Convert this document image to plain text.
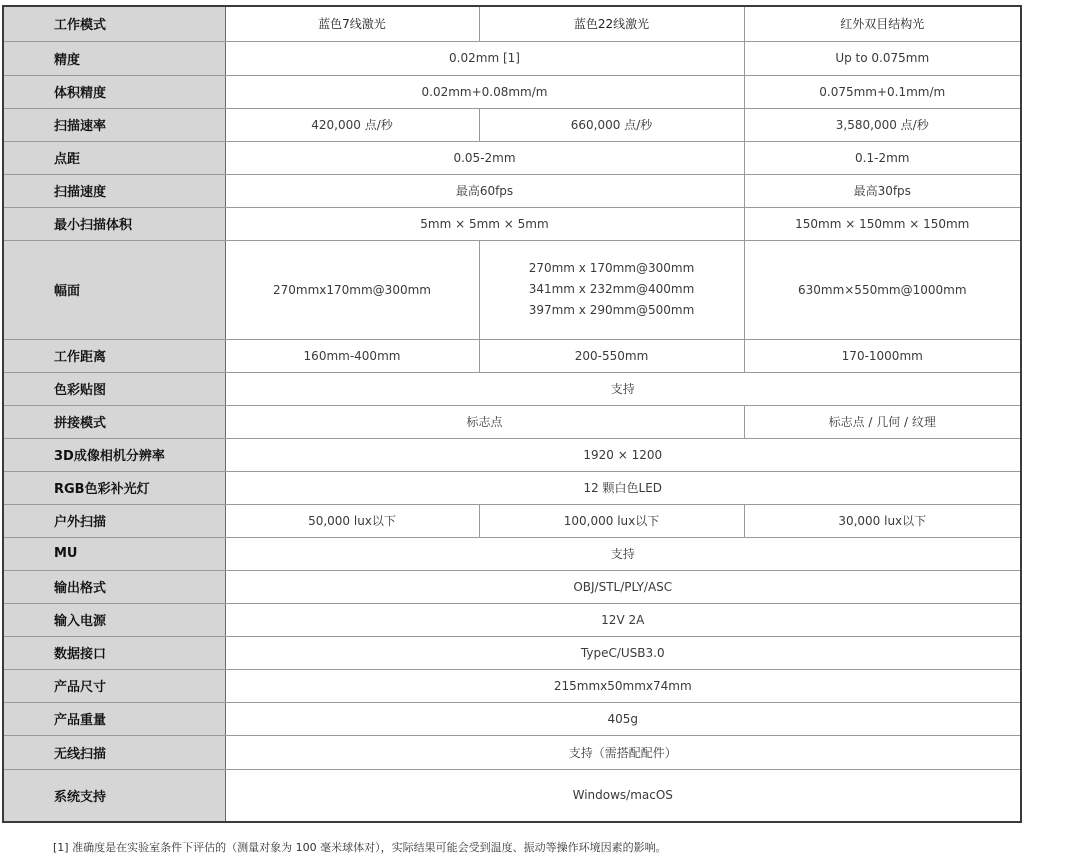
工作模式	蓝色7线激光	蓝色22线激光	红外双目结构光
精度	0.02mm [1]		Up to 0.075mm
体积精度	0.02mm+0.08mm/m		0.075mm+0.1mm/m
扫描速率	420,000 点/秒	660,000 点/秒	3,580,000 点/秒
点距	0.05-2mm		0.1-2mm
扫描速度	最高60fps		最高30fps
最小扫描体积	5mm × 5mm × 5mm		150mm × 150mm × 150mm
幅面	270mmx170mm@300mm	270mm x 170mm@300mm
341mm x 232mm@400mm
397mm x 290mm@500mm	630mm×550mm@1000mm
工作距离	160mm-400mm	200-550mm	170-1000mm
色彩贴图	支持		
拼接模式	标志点		标志点 / 几何 / 纹理
3D成像相机分辨率	1920 × 1200		
RGB色彩补光灯	12 颗白色LED		
户外扫描	50,000 lux以下	100,000 lux以下	30,000 lux以下
MU	支持		
输出格式	OBJ/STL/PLY/ASC		
输入电源	12V 2A		
数据接口	TypeC/USB3.0		
产品尺寸	215mmx50mmx74mm		
产品重量	405g		
无线扫描	支持（需搭配配件）		
系统支持	Windows/macOS		
[1] 准确度是在实验室条件下评估的（测量对象为 100 毫米球体对），实际结果可能会受到温度、振动等操作环境因素的影响。
